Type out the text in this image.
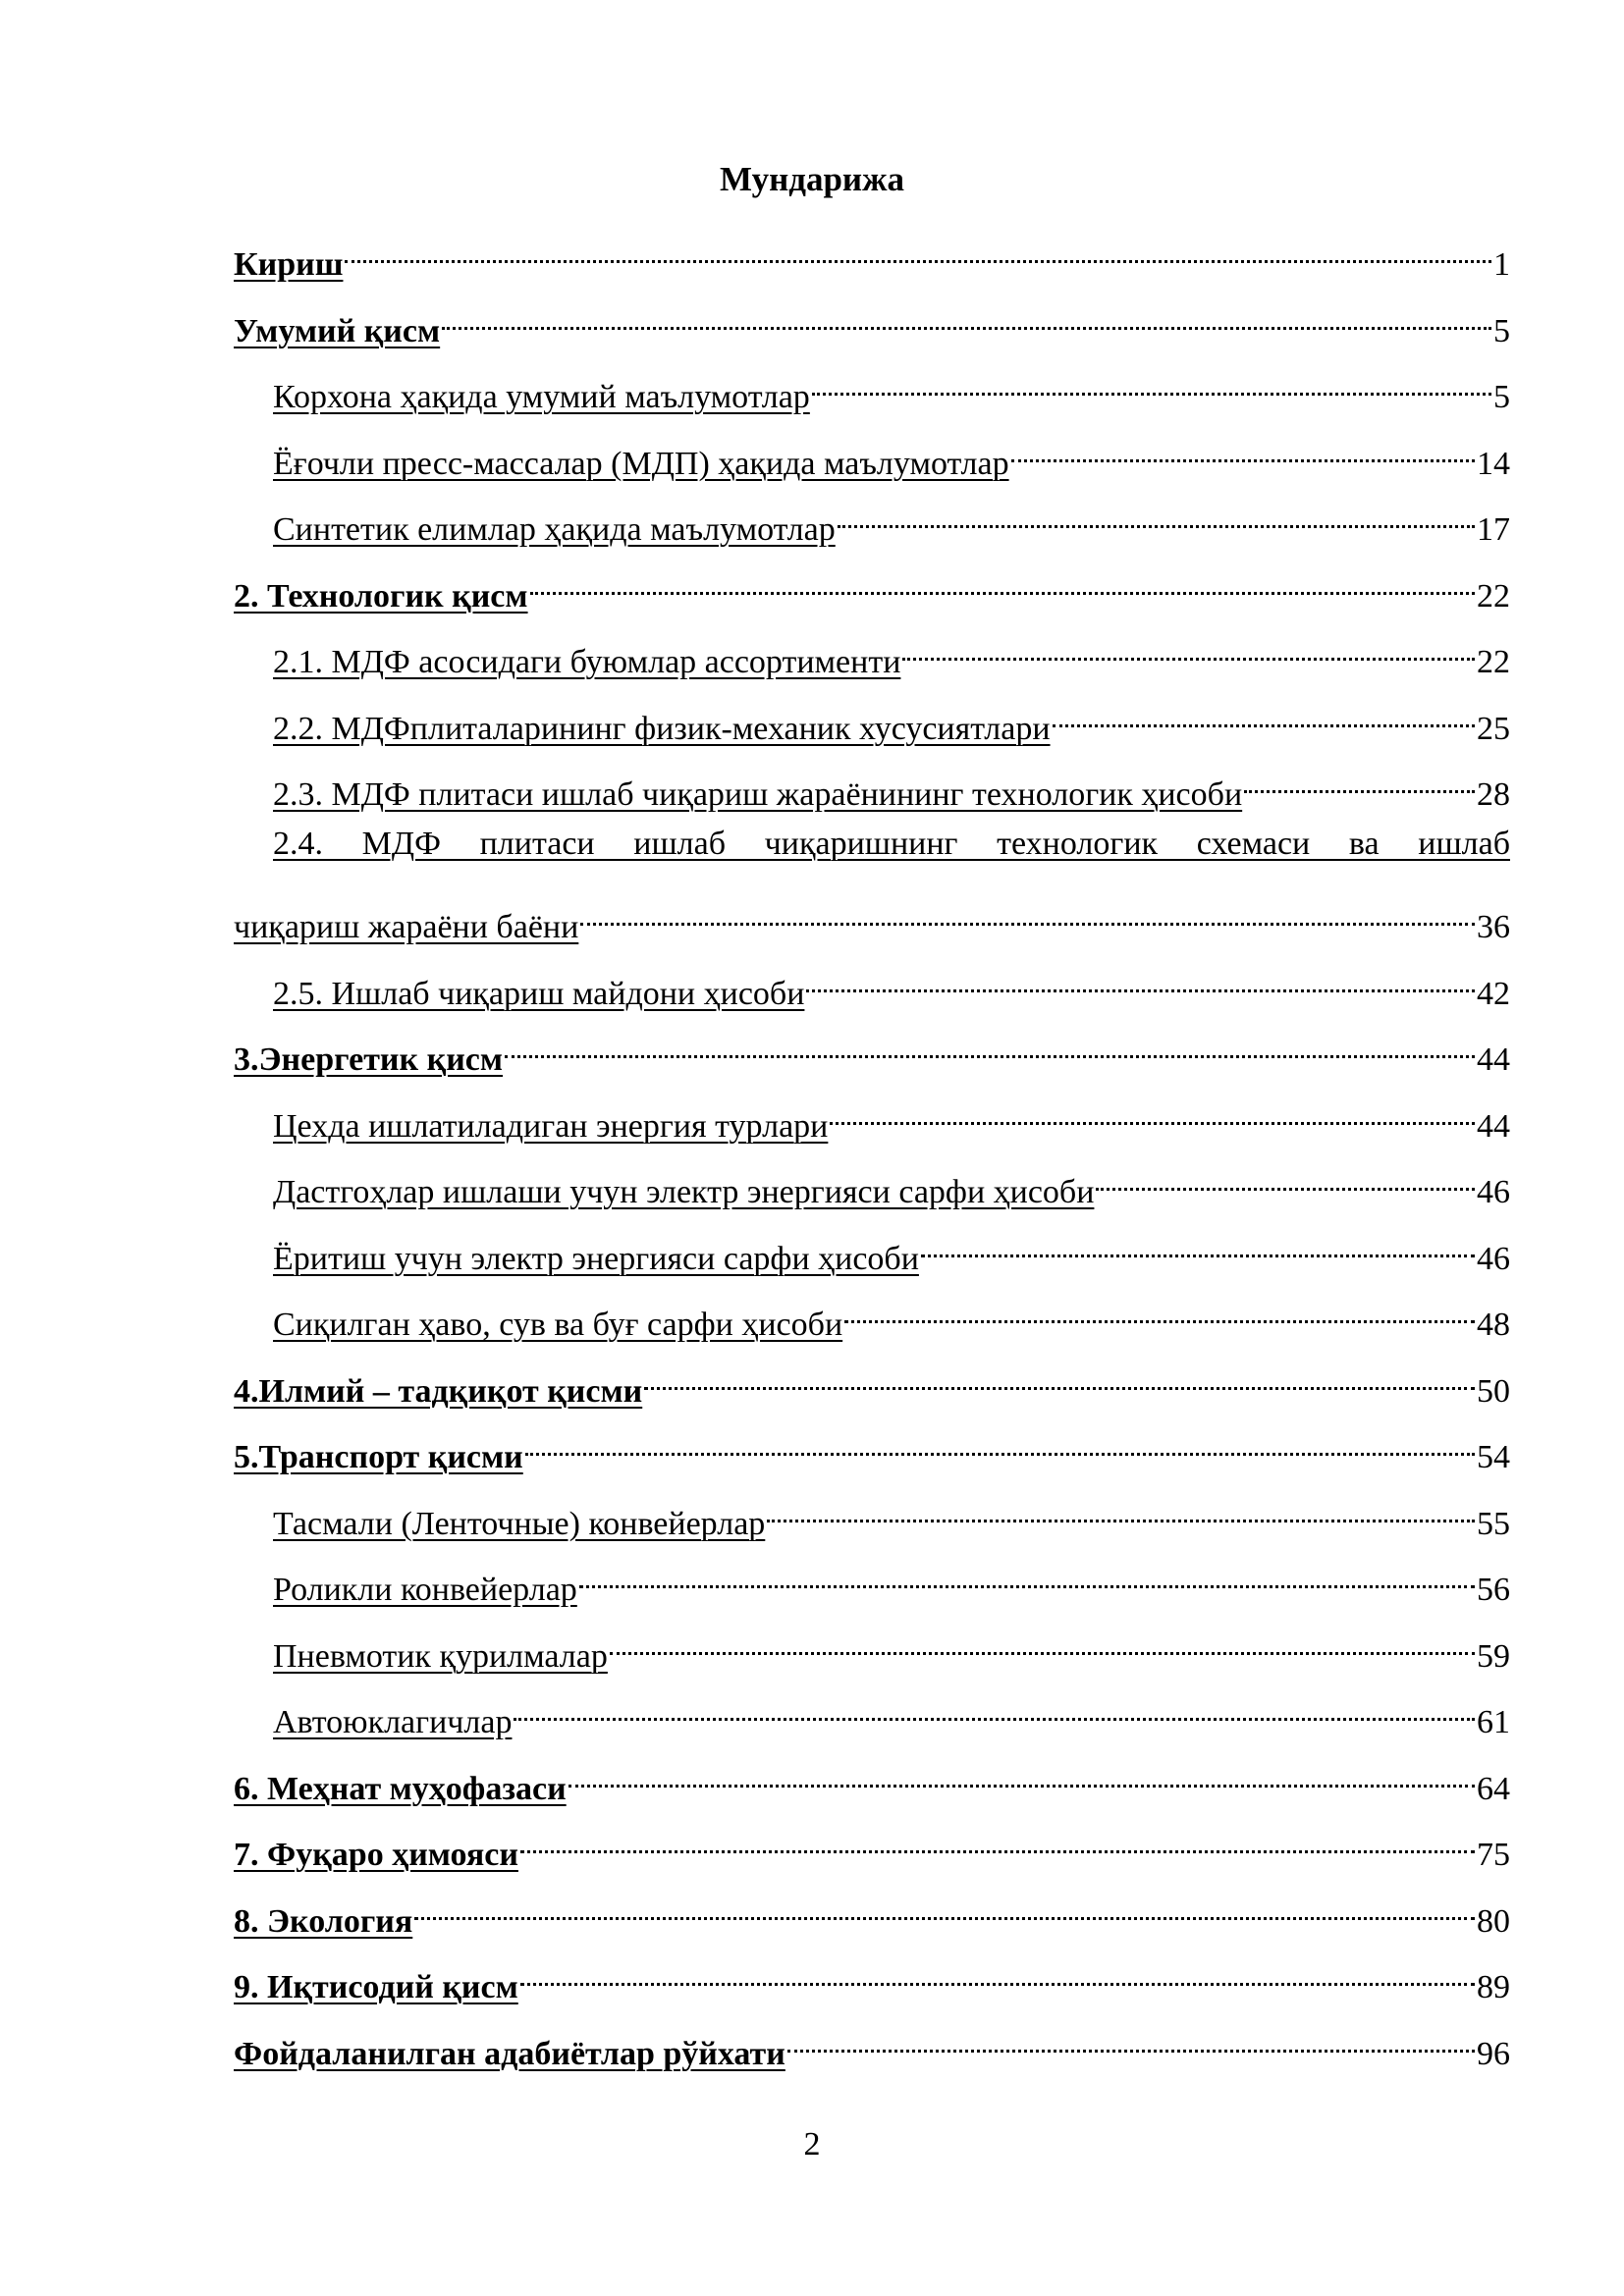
Мундарижа
Кириш	1
Умумий қисм	5
Корхона ҳақида умумий маълумотлар	5
Ёғочли пресс-массалар (МДП) ҳақида маълумотлар	14
Синтетик елимлар ҳақида маълумотлар	17
2. Технологик қисм	22
2.1. МДФ асосидаги буюмлар ассортименти	22
2.2. МДФплиталарининг физик-механик хусусиятлари	25
2.3. МДФ плитаси ишлаб чиқариш жараёнининг технологик ҳисоби	28
2.4. МДФ плитаси ишлаб чиқаришнинг технологик схемаси ва ишлаб
чиқариш жараёни баёни	36
2.5. Ишлаб чиқариш майдони ҳисоби	42
3.Энергетик қисм	44
Цехда ишлатиладиган энергия турлари	44
Дастгоҳлар ишлаши учун электр энергияси сарфи ҳисоби	46
Ёритиш учун электр энергияси сарфи ҳисоби	46
Сиқилган ҳаво, сув ва буғ сарфи ҳисоби	48
4.Илмий – тадқиқот қисми	50
5.Транспорт қисми	54
Тасмали (Ленточные) конвейерлар	55
Роликли конвейерлар	56
Пневмотик қурилмалар	59
Автоюклагичлар	61
6. Меҳнат муҳофазаси	64
7. Фуқаро ҳимояси	75
8. Экология	80
9. Иқтисодий қисм	89
Фойдаланилган адабиётлар рўйхати	96
2
